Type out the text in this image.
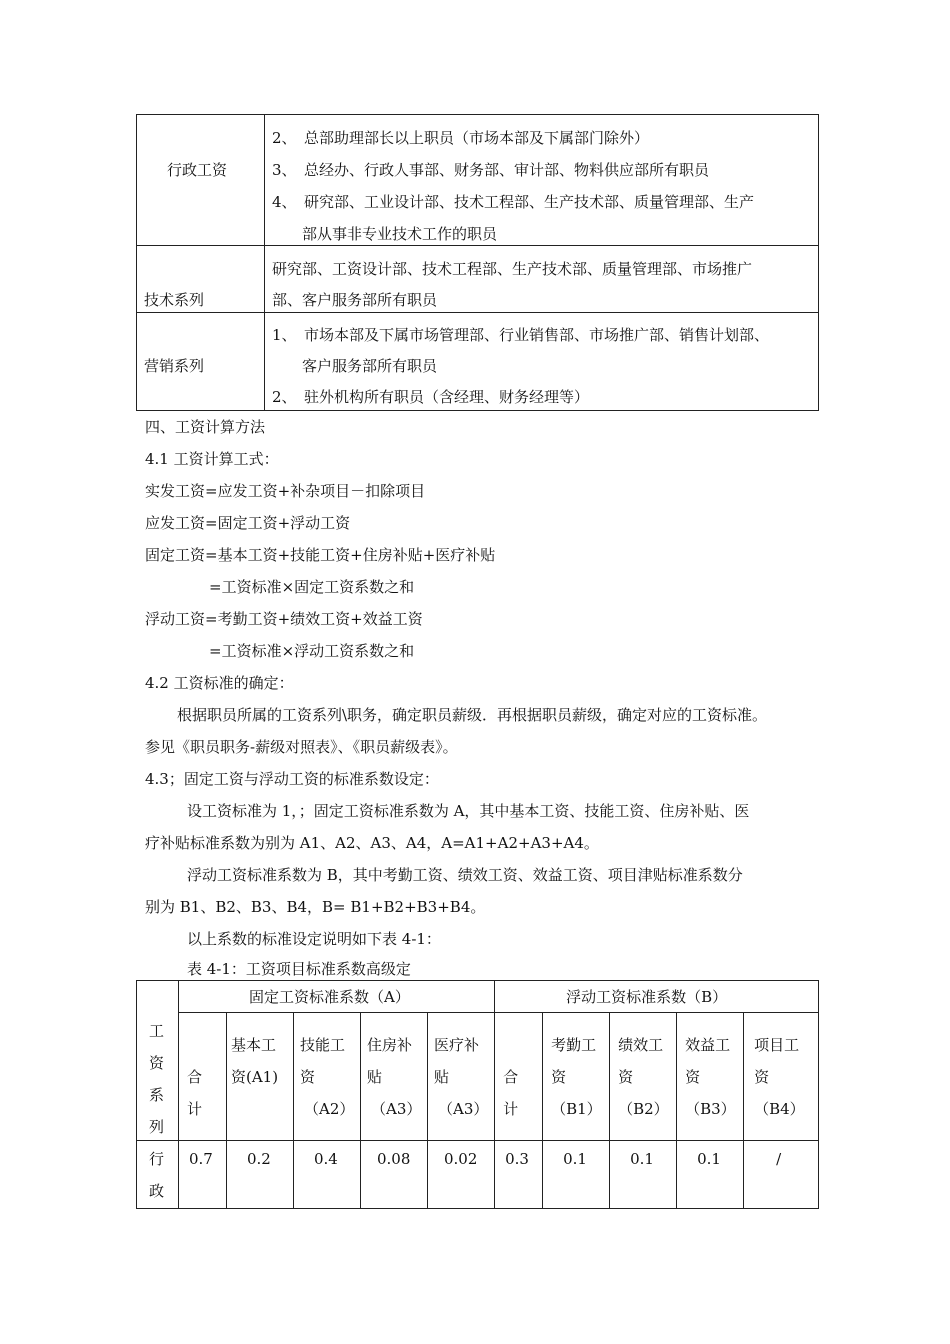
行政工资	2、　总部助理部长以上职员（市场本部及下属部门除外）
3、　总经办、行政人事部、财务部、审计部、物料供应部所有职员
4、　研究部、工业设计部、技术工程部、生产技术部、质量管理部、生产
部从事非专业技术工作的职员

技术系列	研究部、工资设计部、技术工程部、生产技术部、质量管理部、市场推广
部、客户服务部所有职员

营销系列	1、　市场本部及下属市场管理部、行业销售部、市场推广部、销售计划部、
客户服务部所有职员
2、　驻外机构所有职员（含经理、财务经理等）
四、工资计算方法
4.1 工资计算工式：
实发工资=应发工资+补杂项目－扣除项目
应发工资=固定工资+浮动工资
固定工资=基本工资+技能工资+住房补贴+医疗补贴
=工资标准×固定工资系数之和
浮动工资=考勤工资+绩效工资+效益工资
=工资标准×浮动工资系数之和
4.2 工资标准的确定：
根据职员所属的工资系列\职务，确定职员薪级．再根据职员薪级，确定对应的工资标准。
参见《职员职务-薪级对照表》、《职员薪级表》。
4.3；固定工资与浮动工资的标准系数设定：
设工资标准为 1，；固定工资标准系数为 A，其中基本工资、技能工资、住房补贴、医
疗补贴标准系数为别为 A1、A2、A3、A4，A=A1+A2+A3+A4。
浮动工资标准系数为 B，其中考勤工资、绩效工资、效益工资、项目津贴标准系数分
别为 B1、B2、B3、B4，B= B1+B2+B3+B4。
以上系数的标准设定说明如下表 4-1：
表 4-1：工资项目标准系数高级定
工
资
系
列	固定工资标准系数（A）					浮动工资标准系数（B）				

	合
计	基本工
资(A1)	技能工
资
（A2）	住房补
贴
（A3）	医疗补
贴
（A3）	合
计	考勤工
资
（B1）	绩效工
资
（B2）	效益工
资
（B3）	项目工
资
（B4）

行
政	0.7	0.2	0.4	0.08	0.02	0.3	0.1	0.1	0.1	/
